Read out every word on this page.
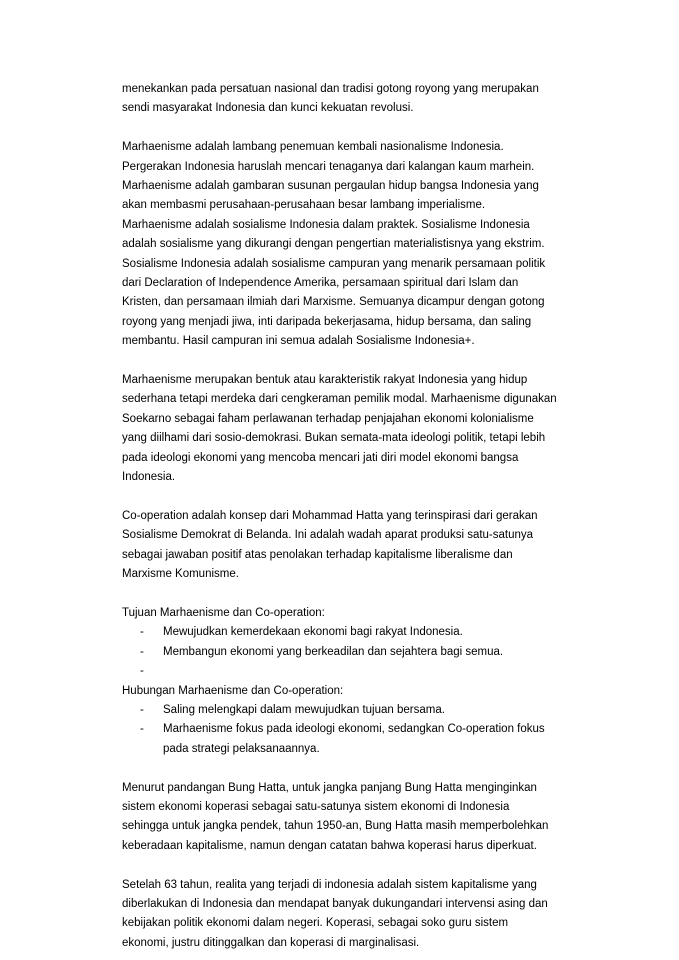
menekankan pada persatuan nasional dan tradisi gotong royong yang merupakan sendi masyarakat Indonesia dan kunci kekuatan revolusi.

Marhaenisme adalah lambang penemuan kembali nasionalisme Indonesia. Pergerakan Indonesia haruslah mencari tenaganya dari kalangan kaum marhein. Marhaenisme adalah gambaran susunan pergaulan hidup bangsa Indonesia yang akan membasmi perusahaan-perusahaan besar lambang imperialisme. Marhaenisme adalah sosialisme Indonesia dalam praktek. Sosialisme Indonesia adalah sosialisme yang dikurangi dengan pengertian materialistisnya yang ekstrim. Sosialisme Indonesia adalah sosialisme campuran yang menarik persamaan politik dari Declaration of Independence Amerika, persamaan spiritual dari Islam dan Kristen, dan persamaan ilmiah dari Marxisme. Semuanya dicampur dengan gotong royong yang menjadi jiwa, inti daripada bekerjasama, hidup bersama, dan saling membantu. Hasil campuran ini semua adalah Sosialisme Indonesia+.

Marhaenisme merupakan bentuk atau karakteristik rakyat Indonesia yang hidup sederhana tetapi merdeka dari cengkeraman pemilik modal. Marhaenisme digunakan Soekarno sebagai faham perlawanan terhadap penjajahan ekonomi kolonialisme yang diilhami dari sosio-demokrasi. Bukan semata-mata ideologi politik, tetapi lebih pada ideologi ekonomi yang mencoba mencari jati diri model ekonomi bangsa Indonesia.

Co-operation adalah konsep dari Mohammad Hatta yang terinspirasi dari gerakan Sosialisme Demokrat di Belanda. Ini adalah wadah aparat produksi satu-satunya sebagai jawaban positif atas penolakan terhadap kapitalisme liberalisme dan Marxisme Komunisme.

Tujuan Marhaenisme dan Co-operation:

-	Mewujudkan kemerdekaan ekonomi bagi rakyat Indonesia.
-	Membangun ekonomi yang berkeadilan dan sejahtera bagi semua.
-

Hubungan Marhaenisme dan Co-operation:

-	Saling melengkapi dalam mewujudkan tujuan bersama.
-	Marhaenisme fokus pada ideologi ekonomi, sedangkan Co-operation fokus pada strategi pelaksanaannya.

Menurut pandangan Bung Hatta, untuk jangka panjang Bung Hatta menginginkan sistem ekonomi koperasi sebagai satu-satunya sistem ekonomi di Indonesia sehingga untuk jangka pendek, tahun 1950-an, Bung Hatta masih memperbolehkan keberadaan kapitalisme, namun dengan catatan bahwa koperasi harus diperkuat.

Setelah 63 tahun, realita yang terjadi di indonesia adalah sistem kapitalisme yang diberlakukan di Indonesia dan mendapat banyak dukungandari intervensi asing dan kebijakan politik ekonomi dalam negeri. Koperasi, sebagai soko guru sistem ekonomi, justru ditinggalkan dan koperasi di marginalisasi.
